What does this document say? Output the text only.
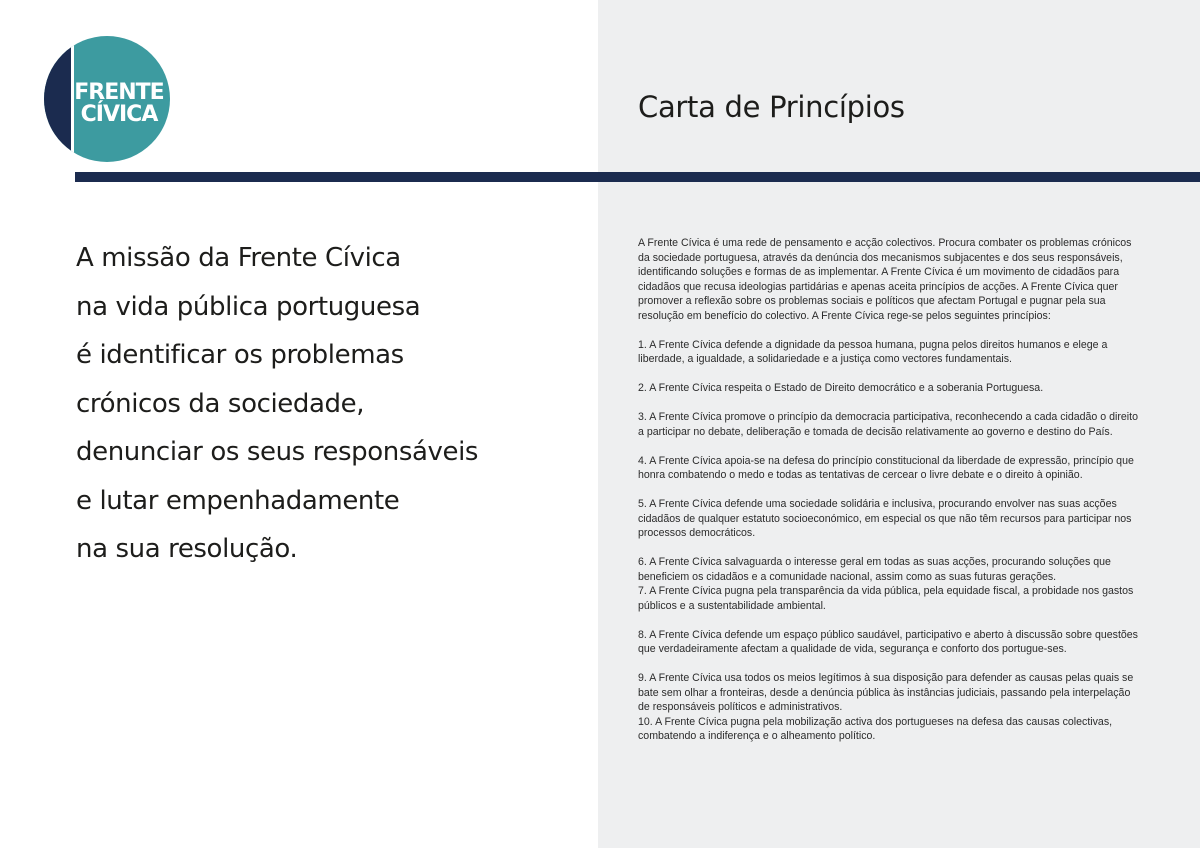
FRENTE
CÍVICA	Carta de Princípios
A missão da Frente Cívica
na vida pública portuguesa
é identificar os problemas
crónicos da sociedade,
denunciar os seus responsáveis
e lutar empenhadamente
na sua resolução.

A Frente Cívica é uma rede de pensamento e acção colectivos. Procura combater os problemas crónicos da sociedade portuguesa, através da denúncia dos mecanismos subjacentes e dos seus responsáveis, identificando soluções e formas de as implementar. A Frente Cívica é um movimento de cidadãos para cidadãos que recusa ideologias partidárias e apenas aceita princípios de acções. A Frente Cívica quer promover a reflexão sobre os problemas sociais e políticos que afectam Portugal e pugnar pela sua resolução em benefício do colectivo. A Frente Cívica rege-se pelos seguintes princípios:

1. A Frente Cívica defende a dignidade da pessoa humana, pugna pelos direitos humanos e elege a liberdade, a igualdade, a solidariedade e a justiça como vectores fundamentais.

2. A Frente Cívica respeita o Estado de Direito democrático e a soberania Portuguesa.

3. A Frente Cívica promove o princípio da democracia participativa, reconhecendo a cada cidadão o direito a participar no debate, deliberação e tomada de decisão relativamente ao governo e destino do País.

4. A Frente Cívica apoia-se na defesa do princípio constitucional da liberdade de expressão, princípio que honra combatendo o medo e todas as tentativas de cercear o livre debate e o direito à opinião.

5. A Frente Cívica defende uma sociedade solidária e inclusiva, procurando envolver nas suas acções cidadãos de qualquer estatuto socioeconómico, em especial os que não têm recursos para participar nos processos democráticos.

6. A Frente Cívica salvaguarda o interesse geral em todas as suas acções, procurando soluções que beneficiem os cidadãos e a comunidade nacional, assim como as suas futuras gerações.

7. A Frente Cívica pugna pela transparência da vida pública, pela equidade fiscal, a probidade nos gastos públicos e a sustentabilidade ambiental.

8. A Frente Cívica defende um espaço público saudável, participativo e aberto à discussão sobre questões que verdadeiramente afectam a qualidade de vida, segurança e conforto dos portugue-ses.

9. A Frente Cívica usa todos os meios legítimos à sua disposição para defender as causas pelas quais se bate sem olhar a fronteiras, desde a denúncia pública às instâncias judiciais, passando pela interpelação de responsáveis políticos e administrativos.

10. A Frente Cívica pugna pela mobilização activa dos portugueses na defesa das causas colectivas, combatendo a indiferença e o alheamento político.
